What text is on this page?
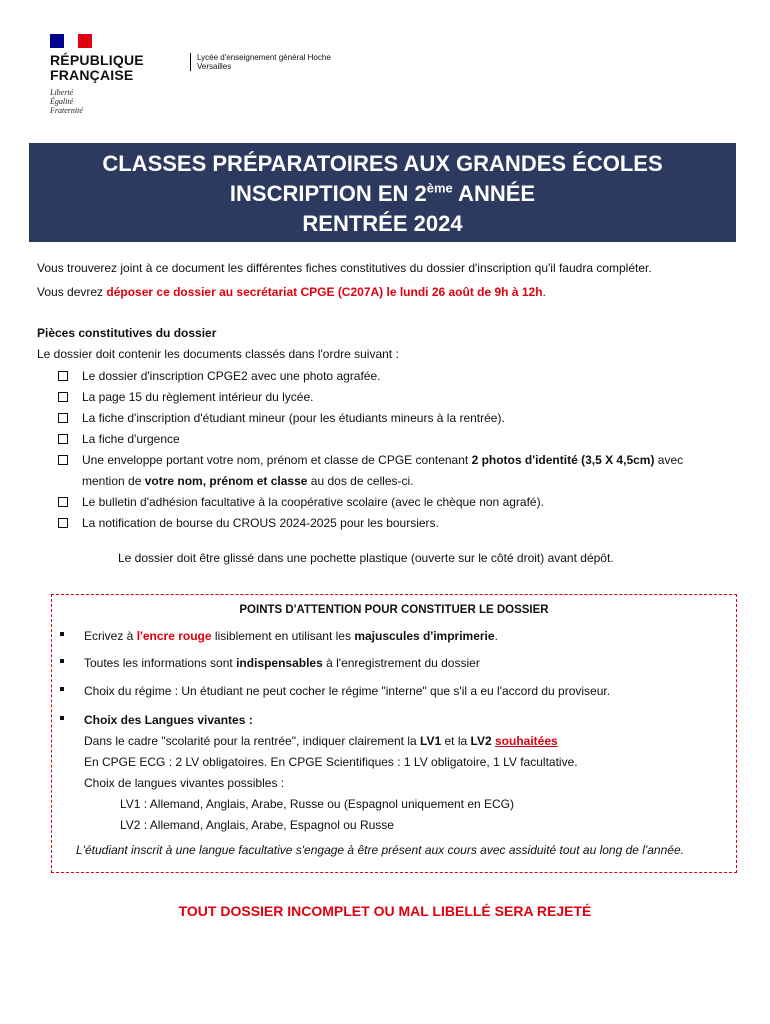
RÉPUBLIQUE
FRANÇAISE
Liberté
Égalité
Fraternité
Lycée d'enseignement général Hoche
Versailles
CLASSES PRÉPARATOIRES AUX GRANDES ÉCOLES
INSCRIPTION EN 2ème ANNÉE
RENTRÉE 2024
Vous trouverez joint à ce document les différentes fiches constitutives du dossier d'inscription qu'il faudra compléter.
Vous devrez déposer ce dossier au secrétariat CPGE (C207A) le lundi 26 août de 9h à 12h.
Pièces constitutives du dossier
Le dossier doit contenir les documents classés dans l'ordre suivant :
Le dossier d'inscription CPGE2 avec une photo agrafée.
La page 15 du règlement intérieur du lycée.
La fiche d'inscription d'étudiant mineur (pour les étudiants mineurs à la rentrée).
La fiche d'urgence
Une enveloppe portant votre nom, prénom et classe de CPGE contenant 2 photos d'identité (3,5 X 4,5cm) avec
mention de votre nom, prénom et classe au dos de celles-ci.
Le bulletin d'adhésion facultative à la coopérative scolaire (avec le chèque non agrafé).
La notification de bourse du CROUS 2024-2025 pour les boursiers.
Le dossier doit être glissé dans une pochette plastique (ouverte sur le côté droit) avant dépôt.
POINTS D'ATTENTION POUR CONSTITUER LE DOSSIER
Ecrivez à l'encre rouge lisiblement en utilisant les majuscules d'imprimerie.
Toutes les informations sont indispensables à l'enregistrement du dossier
Choix du régime : Un étudiant ne peut cocher le régime "interne" que s'il a eu l'accord du proviseur.
Choix des Langues vivantes :
Dans le cadre "scolarité pour la rentrée", indiquer clairement la LV1 et la LV2 souhaitées
En CPGE ECG : 2 LV obligatoires. En CPGE Scientifiques : 1 LV obligatoire, 1 LV facultative.
Choix de langues vivantes possibles :
LV1 : Allemand, Anglais, Arabe, Russe ou (Espagnol uniquement en ECG)
LV2 : Allemand, Anglais, Arabe, Espagnol ou Russe
L'étudiant inscrit à une langue facultative s'engage à être présent aux cours avec assiduité tout au long de l'année.
TOUT DOSSIER INCOMPLET OU MAL LIBELLÉ SERA REJETÉ
